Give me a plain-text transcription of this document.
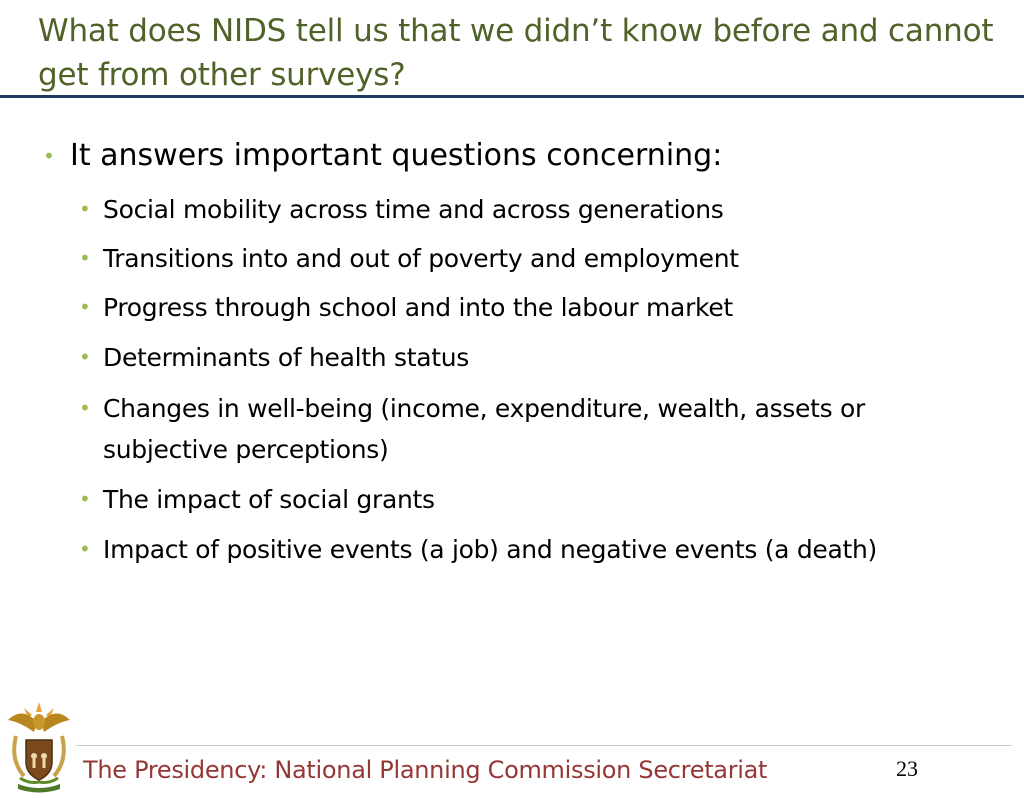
What does NIDS tell us that we didn’t know before and cannot get from other surveys?
• It answers important questions concerning:
• Social mobility across time and across generations
• Transitions into and out of poverty and employment
• Progress through school and into the labour market
• Determinants of health status
• Changes in well-being (income, expenditure, wealth, assets or subjective perceptions)
• The impact of social grants
• Impact of positive events (a job) and negative events (a death)
The Presidency: National Planning Commission Secretariat	23
